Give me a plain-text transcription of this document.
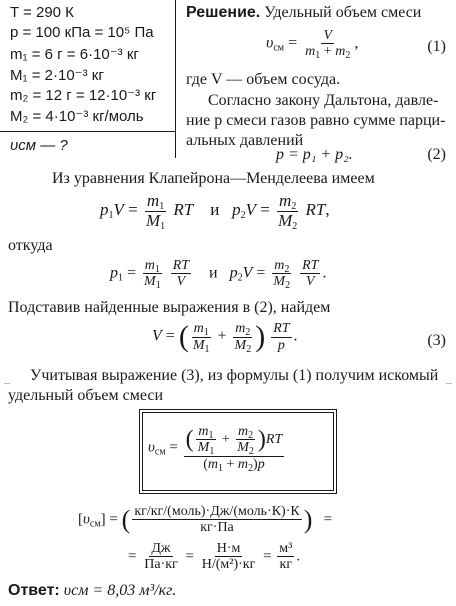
T = 290 К
p = 100 кПа = 10⁵ Па
m₁ = 6 г = 6·10⁻³ кг
M₁ = 2·10⁻³ кг
m₂ = 12 г = 12·10⁻³ кг
M₂ = 4·10⁻³ кг/моль
υсм — ?
Решение. Удельный объем смеси
$\upsilon_{см} = \frac{V}{m_1 + m_2}$ ,	(1)
где V — объем сосуда.
Согласно закону Дальтона, давле-
ние p смеси газов равно сумме парци-
альных давлений
p = p₁ + p₂.	(2)
Из уравнения Клапейрона—Менделеева имеем
$p_1V = \frac{m_1}{M_1}$ RT и $p_2V = \frac{m_2}{M_2}$ RT,
откуда
$p_1 = \frac{m_1}{M_1}$
$\frac{RT}{V}$ и $p_2V = \frac{m_2}{M_2}$
$\frac{RT}{V}$ .
Подставив найденные выражения в (2), найдем
V = ( $\frac{m_1}{M_1} + \frac{m_2}{M_2}$ ) $\frac{RT}{p}$ .	(3)
Учитывая выражение (3), из формулы (1) получим искомый
удельный объем смеси
$\upsilon_{см}$ = ( $\frac{m_1}{M_1} + \frac{m_2}{M_2} )RT$
$(m_1 + m_2)p$
$[\upsilon_{см}]$ = ( $\frac{\text{кг/кг/(моль)·Дж/(моль·К)·К}}{кг\cdot Па}$ )   =
= $\frac{Дж}{Па\cdot кг} = \frac{Н\cdot м}{\text{Н/(м²)·кг}} = \frac{\text{м³}}{кг}$ .
Ответ: υсм = 8,03 м³/кг.
